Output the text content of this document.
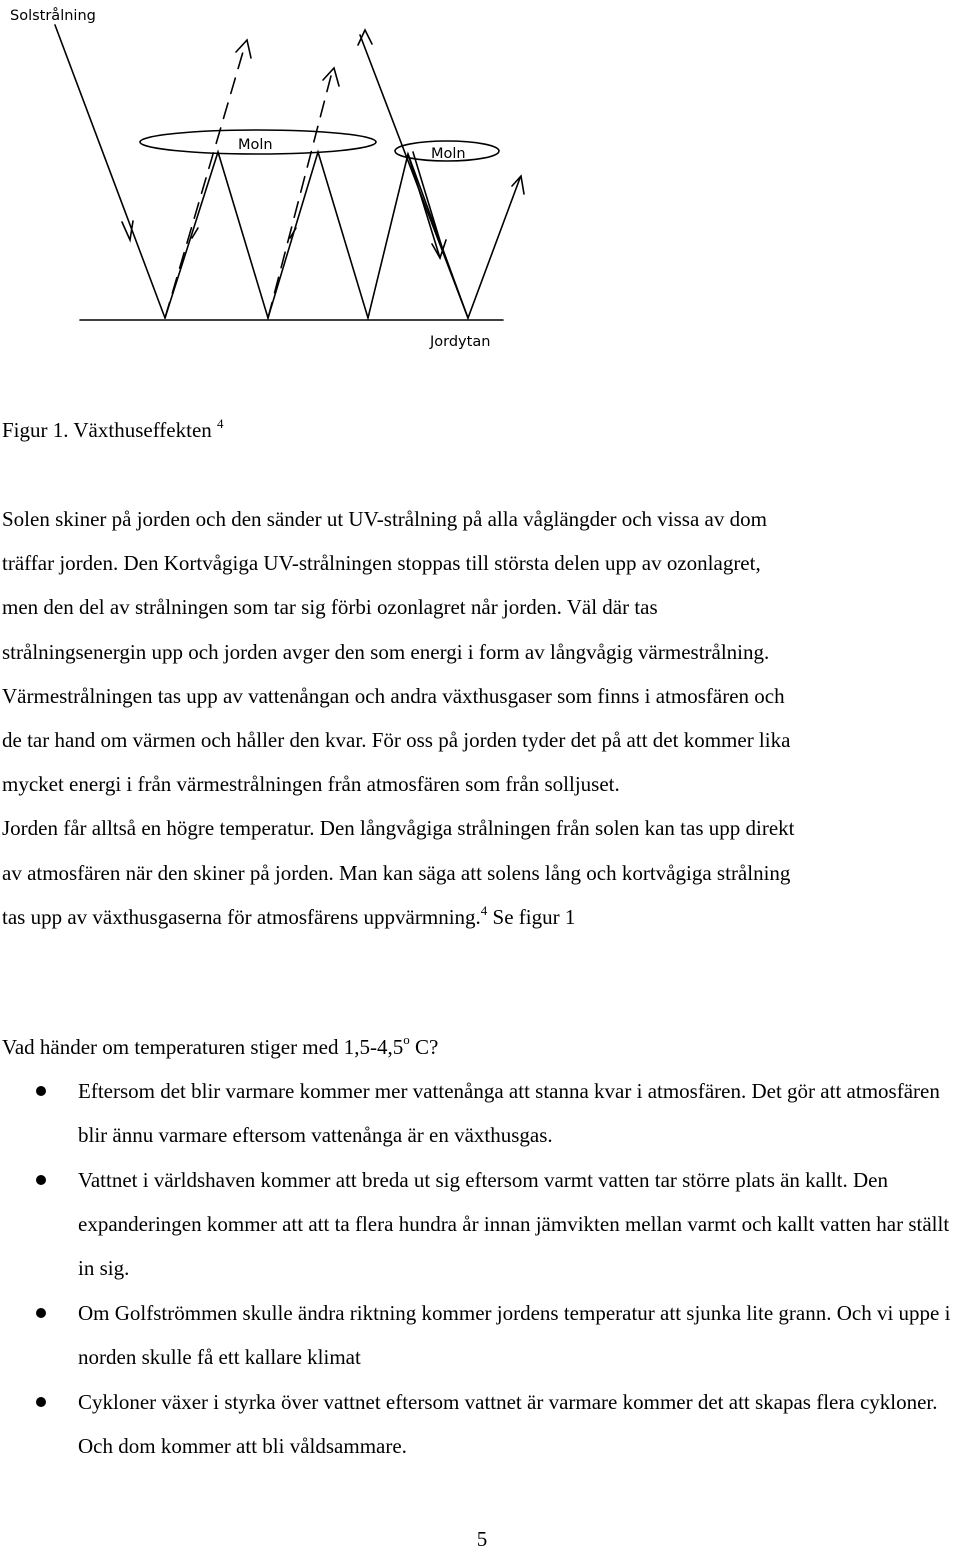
Solstrålning
Moln
Moln
Jordytan
Figur 1. Växthuseffekten $^4$

Solen skiner på jorden och den sänder ut UV-strålning på alla våglängder och vissa av dom
träffar jorden. Den Kortvågiga UV-strålningen stoppas till största delen upp av ozonlagret,
men den del av strålningen som tar sig förbi ozonlagret når jorden. Väl där tas
strålningsenergin upp och jorden avger den som energi i form av långvågig värmestrålning.
Värmestrålningen tas upp av vattenångan och andra växthusgaser som finns i atmosfären och
de tar hand om värmen och håller den kvar. För oss på jorden tyder det på att det kommer lika
mycket energi i från värmestrålningen från atmosfären som från solljuset.
Jorden får alltså en högre temperatur. Den långvågiga strålningen från solen kan tas upp direkt
av atmosfären när den skiner på jorden. Man kan säga att solens lång och kortvågiga strålning
tas upp av växthusgaserna för atmosfärens uppvärmning.$^4$ Se figur 1

Vad händer om temperaturen stiger med 1,5-4,5$^o$ C?

Eftersom det blir varmare kommer mer vattenånga att stanna kvar i atmosfären. Det gör att atmosfären blir ännu varmare eftersom vattenånga är en växthusgas.
Vattnet i världshaven kommer att breda ut sig eftersom varmt vatten tar större plats än kallt. Den expanderingen kommer att att ta flera hundra år innan jämvikten mellan varmt och kallt vatten har ställt in sig.
Om Golfströmmen skulle ändra riktning kommer jordens temperatur att sjunka lite grann. Och vi uppe i norden skulle få ett kallare klimat
Cykloner växer i styrka över vattnet eftersom vattnet är varmare kommer det att skapas flera cykloner. Och dom kommer att bli våldsammare.
5
